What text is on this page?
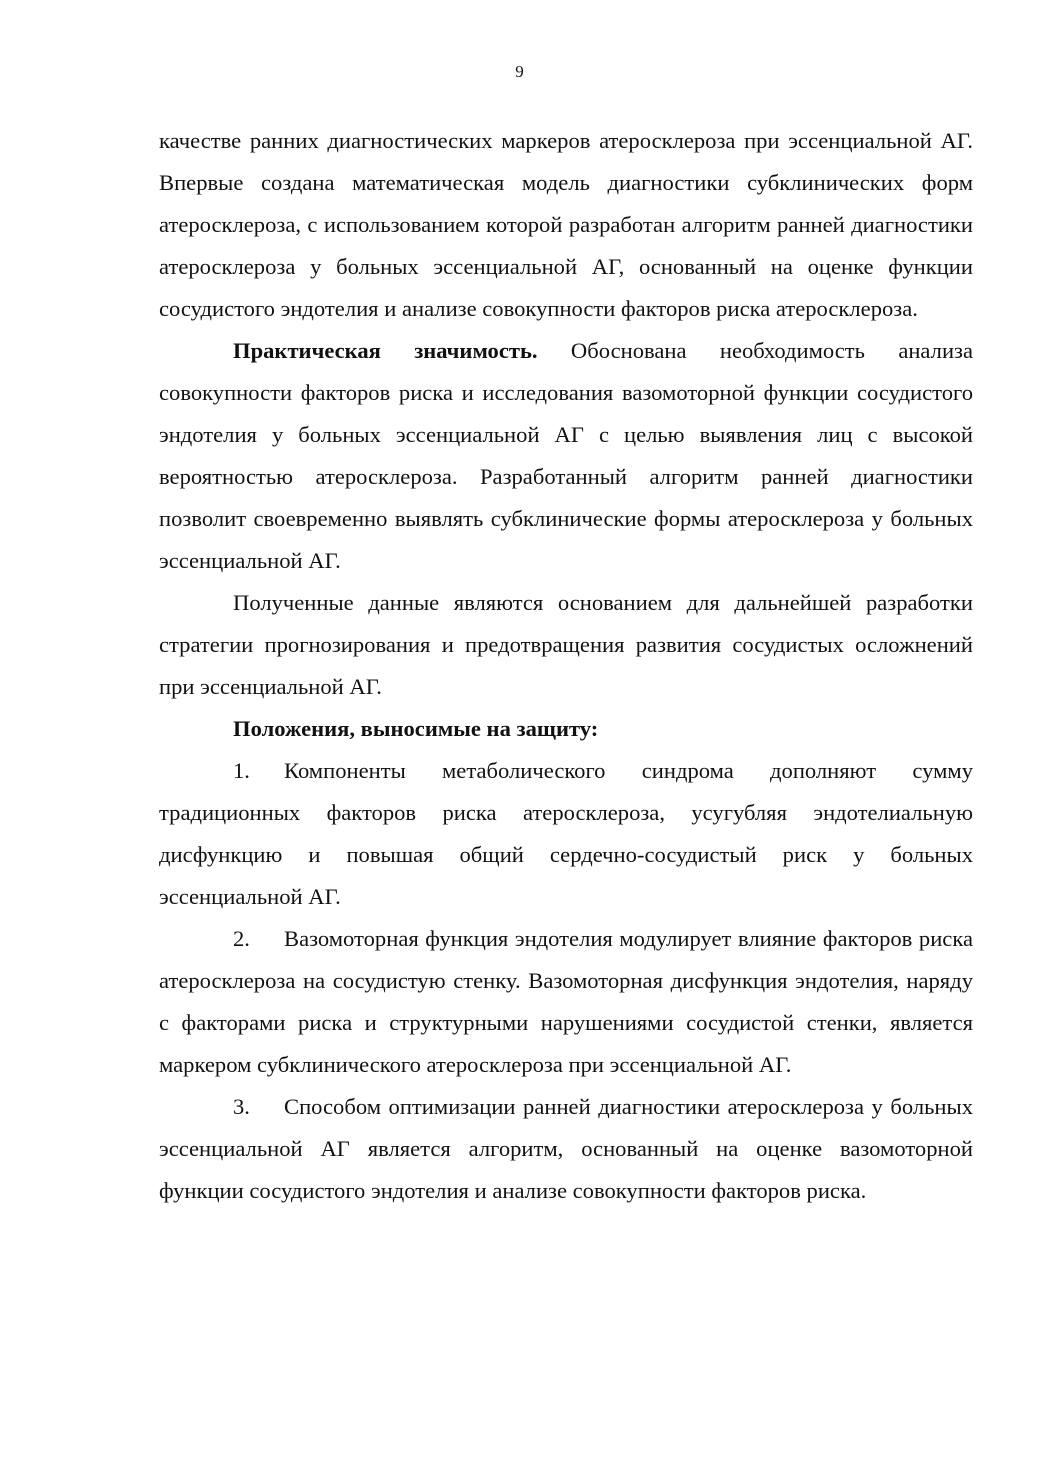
9

качестве ранних диагностических маркеров атеросклероза при эссенциальной АГ. Впервые создана математическая модель диагностики субклинических форм атеросклероза, с использованием которой разработан алгоритм ранней диагностики атеросклероза у больных эссенциальной АГ, основанный на оценке функции сосудистого эндотелия и анализе совокупности факторов риска атеросклероза.

Практическая значимость. Обоснована необходимость анализа совокупности факторов риска и исследования вазомоторной функции сосудистого эндотелия у больных эссенциальной АГ с целью выявления лиц с высокой вероятностью атеросклероза. Разработанный алгоритм ранней диагностики позволит своевременно выявлять субклинические формы атеросклероза у больных эссенциальной АГ.

Полученные данные являются основанием для дальнейшей разработки стратегии прогнозирования и предотвращения развития сосудистых осложнений при эссенциальной АГ.

Положения, выносимые на защиту:

1. Компоненты метаболического синдрома дополняют сумму традиционных факторов риска атеросклероза, усугубляя эндотелиальную дисфункцию и повышая общий сердечно-сосудистый риск у больных эссенциальной АГ.

2. Вазомоторная функция эндотелия модулирует влияние факторов риска атеросклероза на сосудистую стенку. Вазомоторная дисфункция эндотелия, наряду с факторами риска и структурными нарушениями сосудистой стенки, является маркером субклинического атеросклероза при эссенциальной АГ.

3. Способом оптимизации ранней диагностики атеросклероза у больных эссенциальной АГ является алгоритм, основанный на оценке вазомоторной функции сосудистого эндотелия и анализе совокупности факторов риска.
